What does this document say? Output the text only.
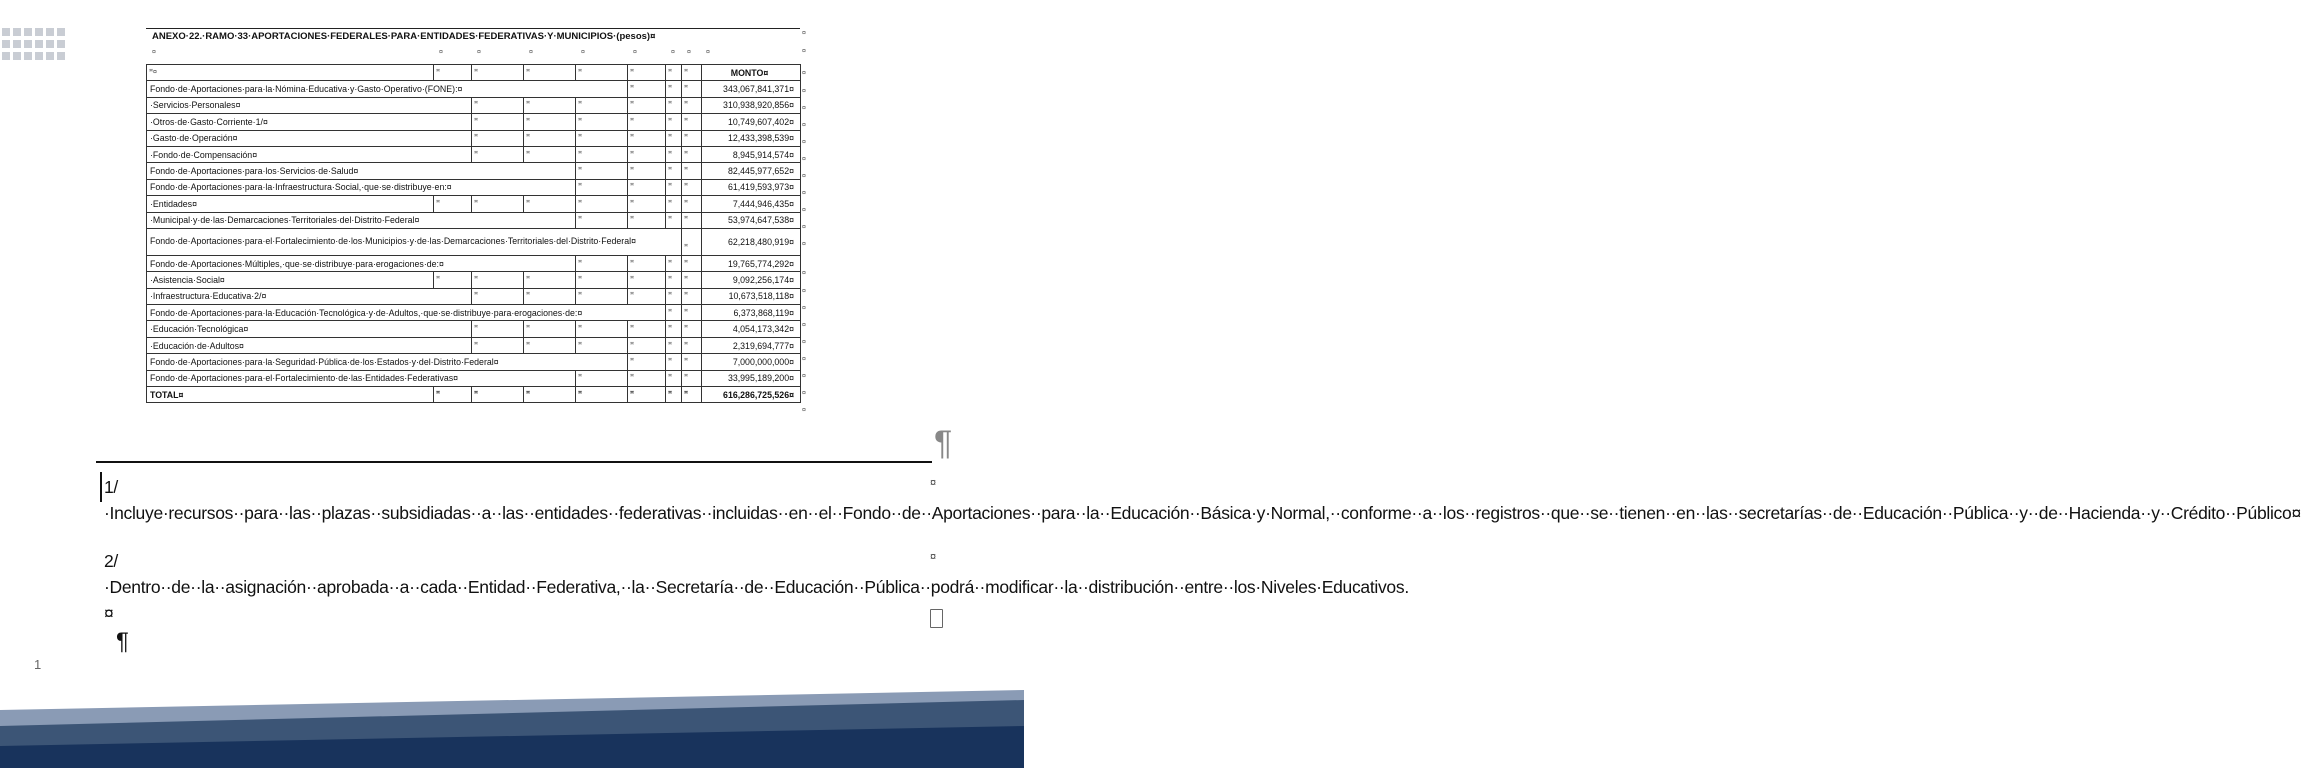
ANEXO·22.·RAMO·33·APORTACIONES·FEDERALES·PARA·ENTIDADES·FEDERATIVAS·Y·MUNICIPIOS·(pesos)¤
¤	¤	¤	¤	¤	¤	¤ ¤ ¤
ꟸ¤	ꟸ	ꟸ	ꟸ	ꟸ	ꟸ	ꟸ	ꟸ	MONTO¤
Fondo·de·Aportaciones·para·la·Nómina·Educativa·y·Gasto·Operativo·(FONE):¤					ꟸ	ꟸ	ꟸ	343,067,841,371¤
·Servicios·Personales¤		ꟸ	ꟸ	ꟸ	ꟸ	ꟸ	ꟸ	310,938,920,856¤
·Otros·de·Gasto·Corriente·1/¤		ꟸ	ꟸ	ꟸ	ꟸ	ꟸ	ꟸ	10,749,607,402¤
·Gasto·de·Operación¤		ꟸ	ꟸ	ꟸ	ꟸ	ꟸ	ꟸ	12,433,398,539¤
·Fondo·de·Compensación¤		ꟸ	ꟸ	ꟸ	ꟸ	ꟸ	ꟸ	8,945,914,574¤
Fondo·de·Aportaciones·para·los·Servicios·de·Salud¤				ꟸ	ꟸ	ꟸ	ꟸ	82,445,977,652¤
Fondo·de·Aportaciones·para·la·Infraestructura·Social,·que·se·distribuye·en:¤				ꟸ	ꟸ	ꟸ	ꟸ	61,419,593,973¤
·Entidades¤	ꟸ	ꟸ	ꟸ	ꟸ	ꟸ	ꟸ	ꟸ	7,444,946,435¤
·Municipal·y·de·las·Demarcaciones·Territoriales·del·Distrito·Federal¤				ꟸ	ꟸ	ꟸ	ꟸ	53,974,647,538¤
Fondo·de·Aportaciones·para·el·Fortalecimiento·de·los·Municipios·y·de·las·Demarcaciones·Territoriales·del·Distrito·Federal¤							ꟸ	62,218,480,919¤
Fondo·de·Aportaciones·Múltiples,·que·se·distribuye·para·erogaciones·de:¤				ꟸ	ꟸ	ꟸ	ꟸ	19,765,774,292¤
·Asistencia·Social¤	ꟸ	ꟸ	ꟸ	ꟸ	ꟸ	ꟸ	ꟸ	9,092,256,174¤
·Infraestructura·Educativa·2/¤		ꟸ	ꟸ	ꟸ	ꟸ	ꟸ	ꟸ	10,673,518,118¤
Fondo·de·Aportaciones·para·la·Educación·Tecnológica·y·de·Adultos,·que·se·distribuye·para·erogaciones·de:¤						ꟸ	ꟸ	6,373,868,119¤
·Educación·Tecnológica¤		ꟸ	ꟸ	ꟸ	ꟸ	ꟸ	ꟸ	4,054,173,342¤
·Educación·de·Adultos¤		ꟸ	ꟸ	ꟸ	ꟸ	ꟸ	ꟸ	2,319,694,777¤
Fondo·de·Aportaciones·para·la·Seguridad·Pública·de·los·Estados·y·del·Distrito·Federal¤					ꟸ	ꟸ	ꟸ	7,000,000,000¤
Fondo·de·Aportaciones·para·el·Fortalecimiento·de·las·Entidades·Federativas¤				ꟸ	ꟸ	ꟸ	ꟸ	33,995,189,200¤
TOTAL¤	ꟸ	ꟸ	ꟸ	ꟸ	ꟸ	ꟸ	ꟸ	616,286,725,526¤
¤
¤
¤
¤
¤
¤
¤
¤
¤
¤
¤
¤
¤
¤
¤
¤
¤
¤
¤
¤
¤
¤
¶
1/·Incluye·recursos··para··las··plazas··subsidiadas··a··las··entidades··federativas··incluidas··en··el··Fondo··de··Aportaciones··para··la··Educación··Básica·y·Normal,··conforme··a··los··registros··que··se··tienen··en··las··secretarías··de··Educación··Pública··y··de··Hacienda··y··Crédito··Público¤
¤
2/·Dentro··de··la··asignación··aprobada··a··cada··Entidad··Federativa,··la··Secretaría··de··Educación··Pública··podrá··modificar··la··distribución··entre··los·Niveles·Educativos.¤
¤
¶
1
